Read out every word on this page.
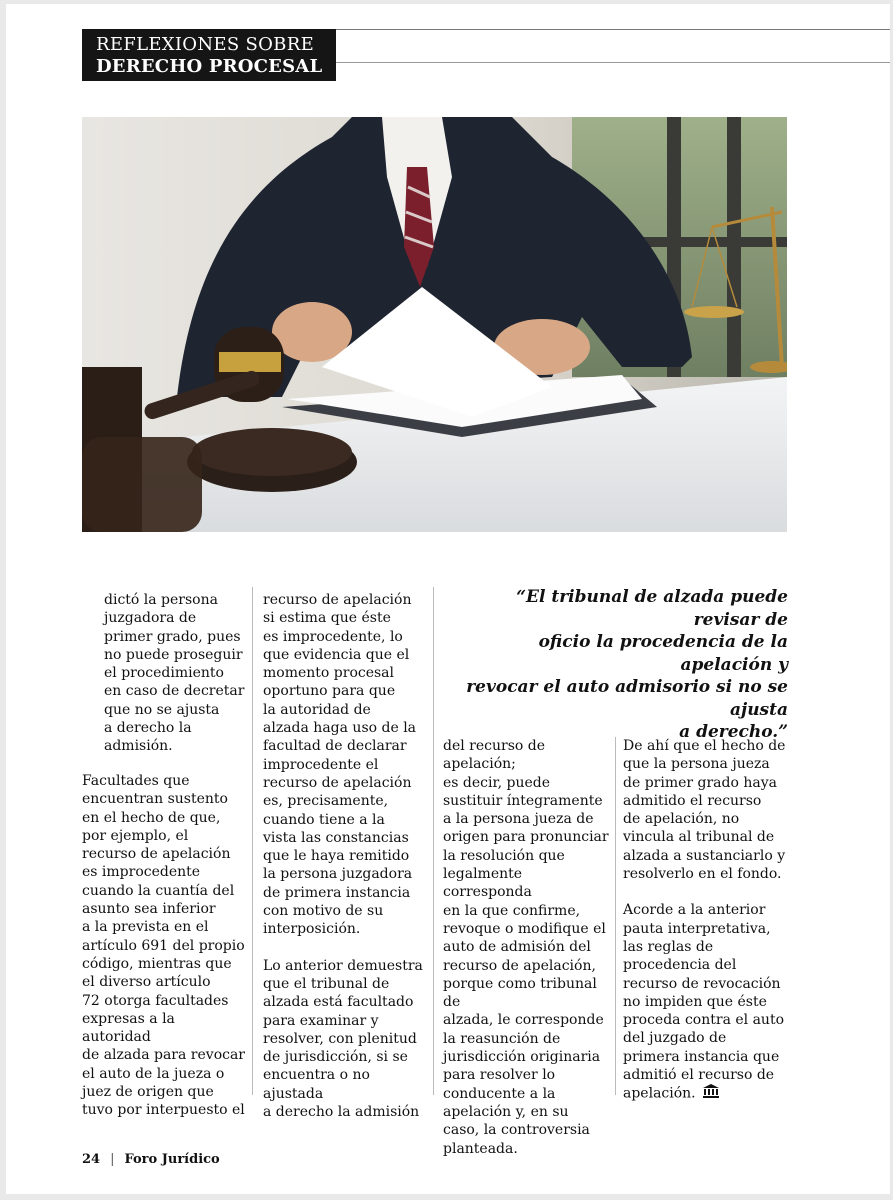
REFLEXIONES SOBRE
DERECHO PROCESAL

dictó la persona
juzgadora de
primer grado, pues
no puede proseguir
el procedimiento
en caso de decretar
que no se ajusta
a derecho la
admisión.

Facultades que
encuentran sustento
en el hecho de que,
por ejemplo, el
recurso de apelación
es improcedente
cuando la cuantía del
asunto sea inferior
a la prevista en el
artículo 691 del propio
código, mientras que
el diverso artículo
72 otorga facultades
expresas a la autoridad
de alzada para revocar
el auto de la jueza o
juez de origen que
tuvo por interpuesto el

recurso de apelación
si estima que éste
es improcedente, lo
que evidencia que el
momento procesal
oportuno para que
la autoridad de
alzada haga uso de la
facultad de declarar
improcedente el
recurso de apelación
es, precisamente,
cuando tiene a la
vista las constancias
que le haya remitido
la persona juzgadora
de primera instancia
con motivo de su
interposición.

Lo anterior demuestra
que el tribunal de
alzada está facultado
para examinar y
resolver, con plenitud
de jurisdicción, si se
encuentra o no ajustada
a derecho la admisión

“El tribunal de alzada puede revisar de
oficio la procedencia de la apelación y
revocar el auto admisorio si no se ajusta
a derecho.”

del recurso de apelación;
es decir, puede
sustituir íntegramente
a la persona jueza de
origen para pronunciar
la resolución que
legalmente corresponda
en la que confirme,
revoque o modifique el
auto de admisión del
recurso de apelación,
porque como tribunal de
alzada, le corresponde
la reasunción de
jurisdicción originaria
para resolver lo
conducente a la
apelación y, en su
caso, la controversia
planteada.

De ahí que el hecho de
que la persona jueza
de primer grado haya
admitido el recurso
de apelación, no
vincula al tribunal de
alzada a sustanciarlo y
resolverlo en el fondo.

Acorde a la anterior
pauta interpretativa,
las reglas de
procedencia del
recurso de revocación
no impiden que éste
proceda contra el auto
del juzgado de
primera instancia que
admitió el recurso de
apelación.

24 | Foro Jurídico
